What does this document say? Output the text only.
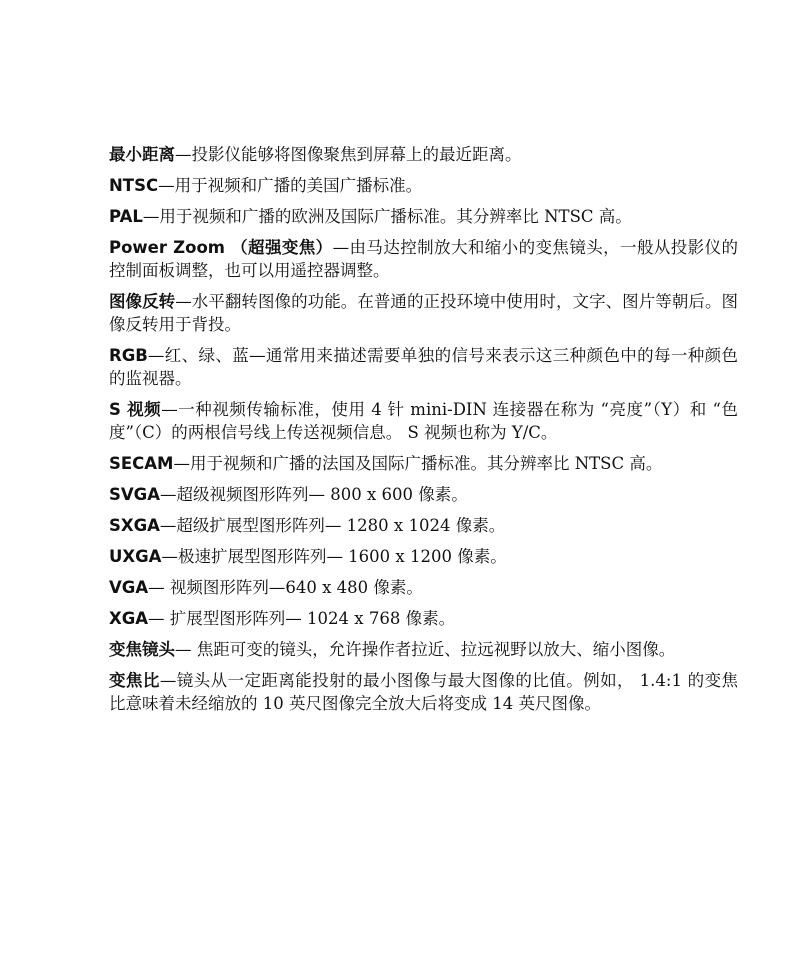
最小距离—投影仪能够将图像聚焦到屏幕上的最近距离。

NTSC—用于视频和广播的美国广播标准。

PAL—用于视频和广播的欧洲及国际广播标准。其分辨率比 NTSC 高。

Power Zoom （超强变焦）—由马达控制放大和缩小的变焦镜头，一般从投影仪的控制面板调整，也可以用遥控器调整。

图像反转—水平翻转图像的功能。在普通的正投环境中使用时，文字、图片等朝后。图像反转用于背投。

RGB—红、绿、蓝—通常用来描述需要单独的信号来表示这三种颜色中的每一种颜色的监视器。

S 视频—一种视频传输标准，使用 4 针 mini-DIN 连接器在称为 “亮度”（Y）和 “色度”（C）的两根信号线上传送视频信息。 S 视频也称为 Y/C。

SECAM—用于视频和广播的法国及国际广播标准。其分辨率比 NTSC 高。

SVGA—超级视频图形阵列— 800 x 600 像素。

SXGA—超级扩展型图形阵列— 1280 x 1024 像素。

UXGA—极速扩展型图形阵列— 1600 x 1200 像素。

VGA— 视频图形阵列—640 x 480 像素。

XGA— 扩展型图形阵列— 1024 x 768 像素。

变焦镜头— 焦距可变的镜头，允许操作者拉近、拉远视野以放大、缩小图像。

变焦比—镜头从一定距离能投射的最小图像与最大图像的比值。例如， 1.4:1 的变焦比意味着未经缩放的 10 英尺图像完全放大后将变成 14 英尺图像。
